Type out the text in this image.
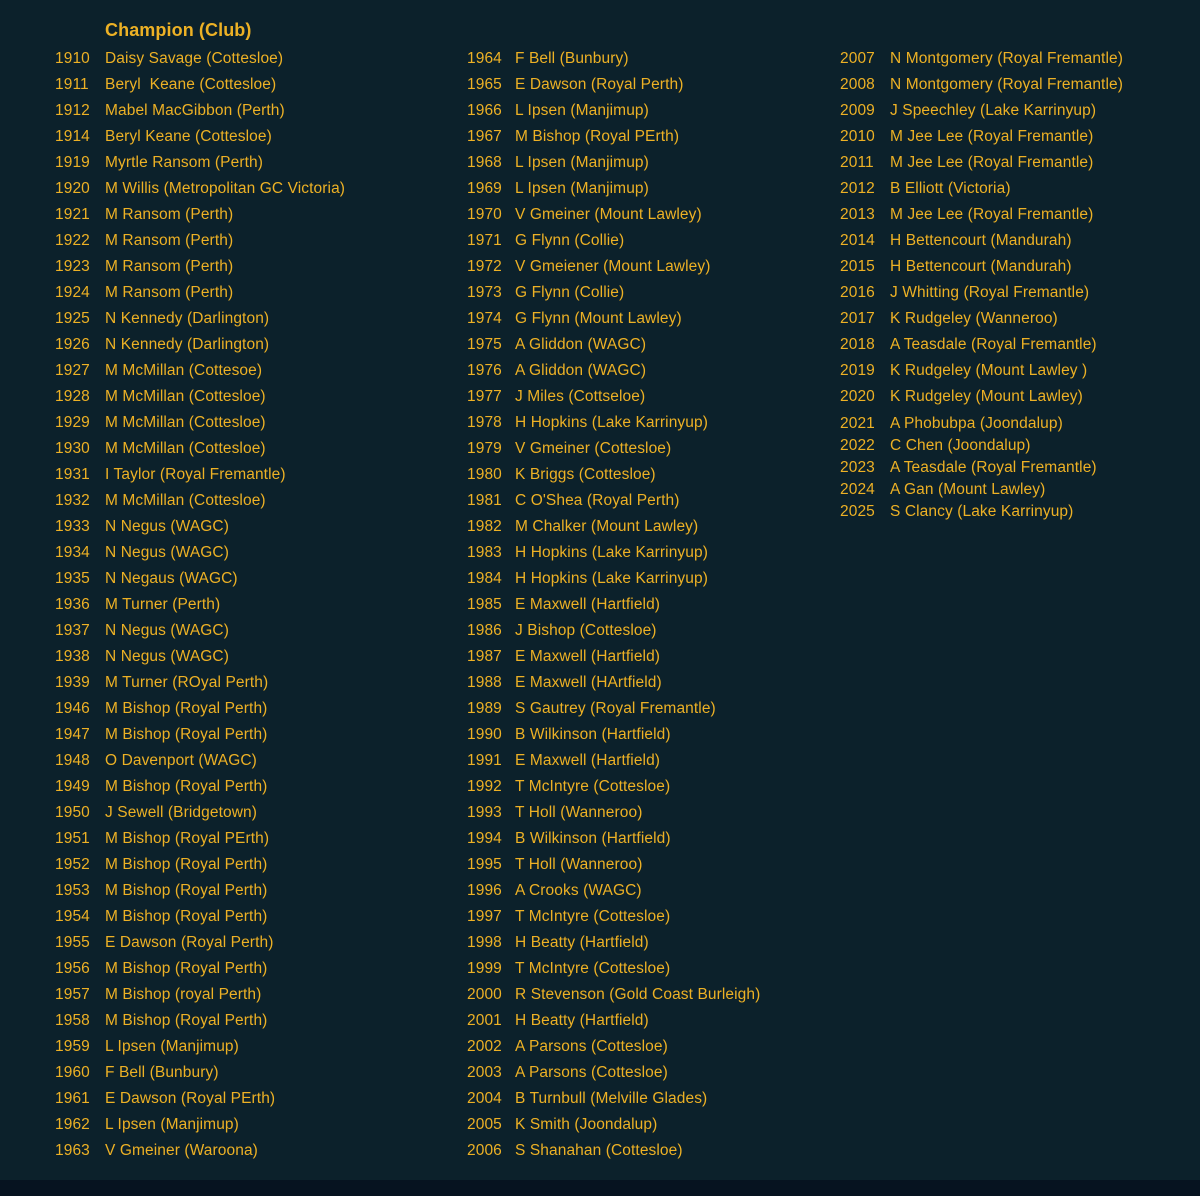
Champion (Club)
1910 Daisy Savage (Cottesloe)
1911	Beryl  Keane (Cottesloe)
1912 Mabel MacGibbon (Perth)
1914 Beryl Keane (Cottesloe)
1919 Myrtle Ransom (Perth)
1920 M Willis (Metropolitan GC Victoria)
1921 M Ransom (Perth)
1922 M Ransom (Perth)
1923 M Ransom (Perth)
1924 M Ransom (Perth)
1925 N Kennedy (Darlington)
1926 N Kennedy (Darlington)
1927 M McMillan (Cottesoe)
1928 M McMillan (Cottesloe)
1929 M McMillan (Cottesloe)
1930 M McMillan (Cottesloe)
1931 I Taylor (Royal Fremantle)
1932 M McMillan (Cottesloe)
1933 N Negus (WAGC)
1934 N Negus (WAGC)
1935 N Negaus (WAGC)
1936 M Turner (Perth)
1937 N Negus (WAGC)
1938 N Negus (WAGC)
1939 M Turner (ROyal Perth)
1946 M Bishop (Royal Perth)
1947 M Bishop (Royal Perth)
1948 O Davenport (WAGC)
1949 M Bishop (Royal Perth)
1950 J Sewell (Bridgetown)
1951 M Bishop (Royal PErth)
1952 M Bishop (Royal Perth)
1953 M Bishop (Royal Perth)
1954 M Bishop (Royal Perth)
1955 E Dawson (Royal Perth)
1956 M Bishop (Royal Perth)
1957 M Bishop (royal Perth)
1958 M Bishop (Royal Perth)
1959 L Ipsen (Manjimup)
1960 F Bell (Bunbury)
1961 E Dawson (Royal PErth)
1962 L Ipsen (Manjimup)
1963 V Gmeiner (Waroona)
1964 F Bell (Bunbury)
1965 E Dawson (Royal Perth)
1966 L Ipsen (Manjimup)
1967 M Bishop (Royal PErth)
1968 L Ipsen (Manjimup)
1969 L Ipsen (Manjimup)
1970 V Gmeiner (Mount Lawley)
1971 G Flynn (Collie)
1972 V Gmeiener (Mount Lawley)
1973 G Flynn (Collie)
1974 G Flynn (Mount Lawley)
1975 A Gliddon (WAGC)
1976 A Gliddon (WAGC)
1977 J Miles (Cottseloe)
1978 H Hopkins (Lake Karrinyup)
1979 V Gmeiner (Cottesloe)
1980 K Briggs (Cottesloe)
1981 C O'Shea (Royal Perth)
1982 M Chalker (Mount Lawley)
1983 H Hopkins (Lake Karrinyup)
1984 H Hopkins (Lake Karrinyup)
1985 E Maxwell (Hartfield)
1986 J Bishop (Cottesloe)
1987 E Maxwell (Hartfield)
1988 E Maxwell (HArtfield)
1989 S Gautrey (Royal Fremantle)
1990 B Wilkinson (Hartfield)
1991 E Maxwell (Hartfield)
1992 T McIntyre (Cottesloe)
1993 T Holl (Wanneroo)
1994 B Wilkinson (Hartfield)
1995 T Holl (Wanneroo)
1996 A Crooks (WAGC)
1997 T McIntyre (Cottesloe)
1998 H Beatty (Hartfield)
1999 T McIntyre (Cottesloe)
2000 R Stevenson (Gold Coast Burleigh)
2001 H Beatty (Hartfield)
2002 A Parsons (Cottesloe)
2003 A Parsons (Cottesloe)
2004 B Turnbull (Melville Glades)
2005 K Smith (Joondalup)
2006 S Shanahan (Cottesloe)
2007 N Montgomery (Royal Fremantle)
2008 N Montgomery (Royal Fremantle)
2009 J Speechley (Lake Karrinyup)
2010 M Jee Lee (Royal Fremantle)
2011	M Jee Lee (Royal Fremantle)
2012 B Elliott (Victoria)
2013 M Jee Lee (Royal Fremantle)
2014 H Bettencourt (Mandurah)
2015 H Bettencourt (Mandurah)
2016 J Whitting (Royal Fremantle)
2017 K Rudgeley (Wanneroo)
2018 A Teasdale (Royal Fremantle)
2019 K Rudgeley (Mount Lawley )
2020 K Rudgeley (Mount Lawley)
2021 A Phobubpa (Joondalup)
2022 C Chen (Joondalup)
2023 A Teasdale (Royal Fremantle)
2024 A Gan (Mount Lawley)
2025 S Clancy (Lake Karrinyup)
